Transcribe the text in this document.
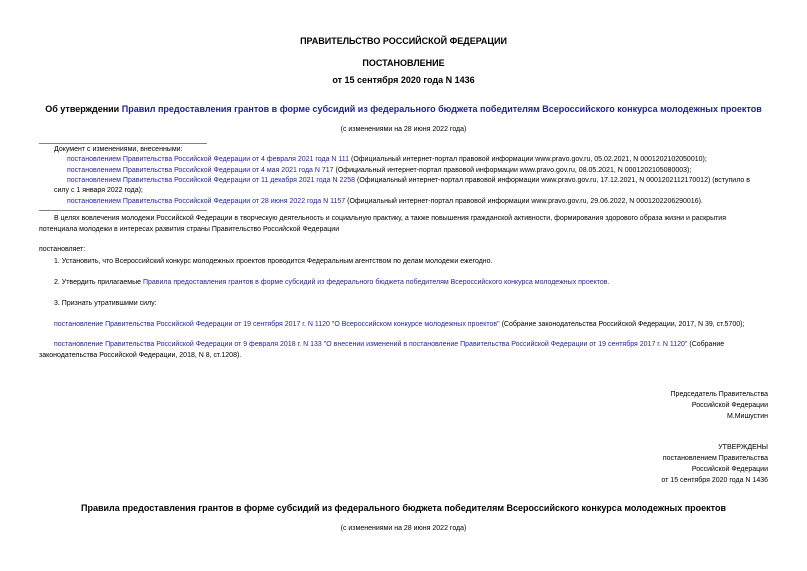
ПРАВИТЕЛЬСТВО РОССИЙСКОЙ ФЕДЕРАЦИИ
ПОСТАНОВЛЕНИЕ
от 15 сентября 2020 года N 1436
Об утверждении Правил предоставления грантов в форме субсидий из федерального бюджета победителям Всероссийского конкурса молодежных проектов
(с изменениями на 28 июня 2022 года)
Документ с изменениями, внесенными:
постановлением Правительства Российской Федерации от 4 февраля 2021 года N 111 (Официальный интернет-портал правовой информации www.pravo.gov.ru, 05.02.2021, N 0001202102050010);
постановлением Правительства Российской Федерации от 4 мая 2021 года N 717 (Официальный интернет-портал правовой информации www.pravo.gov.ru, 08.05.2021, N 0001202105080003);
постановлением Правительства Российской Федерации от 11 декабря 2021 года N 2258 (Официальный интернет-портал правовой информации www.pravo.gov.ru, 17.12.2021, N 0001202112170012) (вступило в
силу с 1 января 2022 года);
постановлением Правительства Российской Федерации от 28 июня 2022 года N 1157 (Официальный интернет-портал правовой информации www.pravo.gov.ru, 29.06.2022, N 0001202206290016).
В целях вовлечения молодежи Российской Федерации в творческую деятельность и социальную практику, а также повышения гражданской активности, формирования здорового образа жизни и раскрытия
потенциала молодежи в интересах развития страны Правительство Российской Федерации
постановляет:
1. Установить, что Всероссийский конкурс молодежных проектов проводится Федеральным агентством по делам молодежи ежегодно.
2. Утвердить прилагаемые Правила предоставления грантов в форме субсидий из федерального бюджета победителям Всероссийского конкурса молодежных проектов.
3. Признать утратившими силу:
постановление Правительства Российской Федерации от 19 сентября 2017 г. N 1120 "О Всероссийском конкурсе молодежных проектов" (Собрание законодательства Российской Федерации, 2017, N 39, ст.5700);
постановление Правительства Российской Федерации от 9 февраля 2018 г. N 133 "О внесении изменений в постановление Правительства Российской Федерации от 19 сентября 2017 г. N 1120" (Собрание
законодательства Российской Федерации, 2018, N 8, ст.1208).
Председатель Правительства
Российской Федерации
М.Мишустин
УТВЕРЖДЕНЫ
постановлением Правительства
Российской Федерации
от 15 сентября 2020 года N 1436
Правила предоставления грантов в форме субсидий из федерального бюджета победителям Всероссийского конкурса молодежных проектов
(с изменениями на 28 июня 2022 года)
